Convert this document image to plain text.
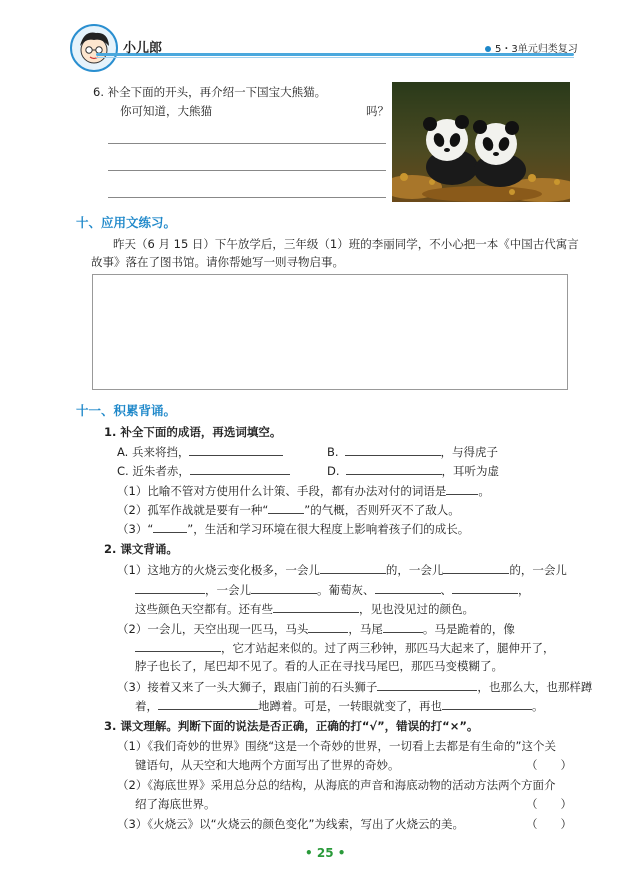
小儿郎	5・3单元归类复习
6. 补全下面的开头，再介绍一下国宝大熊猫。
你可知道，大熊猫	吗？
十、应用文练习。
昨天（6 月 15 日）下午放学后，三年级（1）班的李丽同学，不小心把一本《中国古代寓言
故事》落在了图书馆。请你帮她写一则寻物启事。
十一、积累背诵。
1. 补全下面的成语，再选词填空。
A. 兵来将挡，	B.	，与得虎子
C. 近朱者赤，	D.	，耳听为虚
（1）比喻不管对方使用什么计策、手段，都有办法对付的词语是	。
（2）孤军作战就是要有一种“	”的气概，否则歼灭不了敌人。
（3）“	”，生活和学习环境在很大程度上影响着孩子们的成长。
2. 课文背诵。
（1）这地方的火烧云变化极多，一会儿	的，一会儿	的，一会儿
，一会儿	。葡萄灰、	、	，
这些颜色天空都有。还有些	，见也没见过的颜色。
（2）一会儿，天空出现一匹马，马头	，马尾	。马是跪着的，像
，它才站起来似的。过了两三秒钟，那匹马大起来了，腿伸开了，
脖子也长了，尾巴却不见了。看的人正在寻找马尾巴，那匹马变模糊了。
（3）接着又来了一头大狮子，跟庙门前的石头狮子	，也那么大，也那样蹲
着，	地蹲着。可是，一转眼就变了，再也	。
3. 课文理解。判断下面的说法是否正确，正确的打“√”，错误的打“×”。
（1）《我们奇妙的世界》围绕“这是一个奇妙的世界，一切看上去都是有生命的”这个关
键语句，从天空和大地两个方面写出了世界的奇妙。	（　　）
（2）《海底世界》采用总分总的结构，从海底的声音和海底动物的活动方法两个方面介
绍了海底世界。	（　　）
（3）《火烧云》以“火烧云的颜色变化”为线索，写出了火烧云的美。	（　　）
• 25 •
